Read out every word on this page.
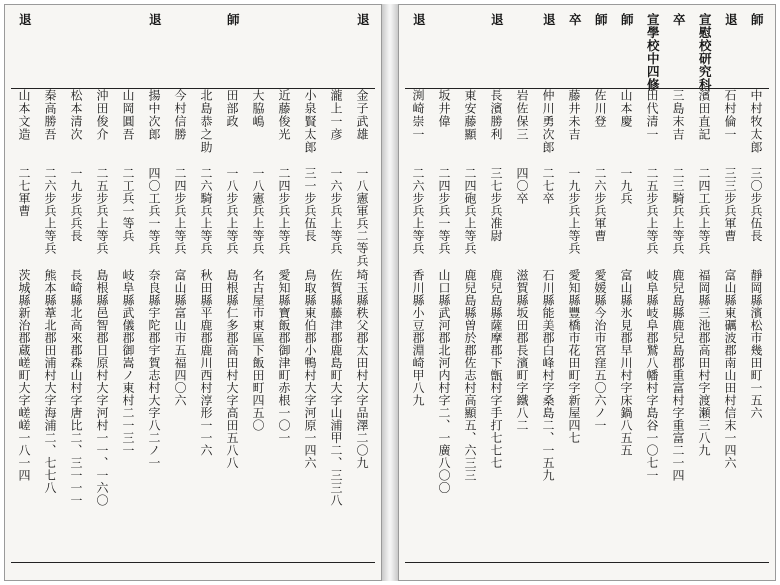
退
金子武雄
一八憲軍兵二等兵
埼玉縣秩父郡太田村大字品澤二〇九
瀧上一彦
一六步兵上等兵
佐賀縣藤津郡鹿島町大字山浦甲二、三三八
小泉賢太郎
三一步兵伍長
鳥取縣東伯郡小鴨村大字河原一四六
近藤俊光
二四步兵上等兵
愛知縣寶飯郡御津町赤根一〇一
大脇嶋
一八憲兵上等兵
名古屋市東區下飯田町四五〇
師
田部政
一八步兵上等兵
島根縣仁多郡高田村大字高田五八八
北島恭之助
二六騎兵上等兵
秋田縣平鹿郡鹿川西村淳形一一六
今村信勝
二四步兵上等兵
富山縣富山市五福四〇六
退
揚中次郎
四〇工兵一等兵
奈良縣宇陀郡宇賀志村大字八二ノ一
山岡圓吾
二工兵一等兵
岐阜縣武儀郡御嵩ノ東村二一三一
沖田俊介
二五步兵上等兵
島根縣邑智郡日原村大字河村一一、一六〇
松本清次
一九步兵兵長
長崎縣北高來郡森山村字唐比二、三一一一
秦高勝吾
二六步兵上等兵
熊本縣葦北郡田浦村大字海浦二、七七八
退
山本文造
二七軍曹
茨城縣新治郡蔵嵯町大字嵯嵯一八一四
師
中村牧太郎
三〇步兵伍長
靜岡縣濱松市幾田町一五六
退
石村倫一
三三步兵軍曹
富山縣東礪波郡南山田村信末一四六
宣慰校研究科
濱田直記
二四工兵上等兵
福岡縣三池郡高田村字渡瀬三八九
卒
三島末吉
二三騎兵上等兵
鹿兒島縣鹿兒島郡重富村字重富二一四
宣學校中四修
田代清一
二五步兵上等兵
岐阜縣岐阜郡鷲八幡村字島谷一〇七一
師
山本慶
一九兵
富山縣氷見郡早川村字床鍋八五五
師
佐川登
二六步兵軍曹
愛媛縣今治市宮窪五〇六ノ一
卒
藤井未吉
一九步兵上等兵
愛知縣豐橋市花田町字新屋四七
退
仲川勇次郎
二七卒
石川縣能美郡白峰村字桑島二、一五九
岩佐保三
四〇卒
滋賀縣坂田郡長濱町字鐵八二
退
長濱勝利
三七步兵准尉
鹿兒島縣薩摩郡下甑村字手打七七七
東安藤顯
二四砲兵上等兵
鹿兒島縣曽於郡佐志村高顯五、六三三
坂井偉
二四步兵一等兵
山口縣武河郡北河内村字二、一廣八〇〇
退
渕崎崇一
二六步兵上等兵
香川縣小豆郡淵崎甲八九
